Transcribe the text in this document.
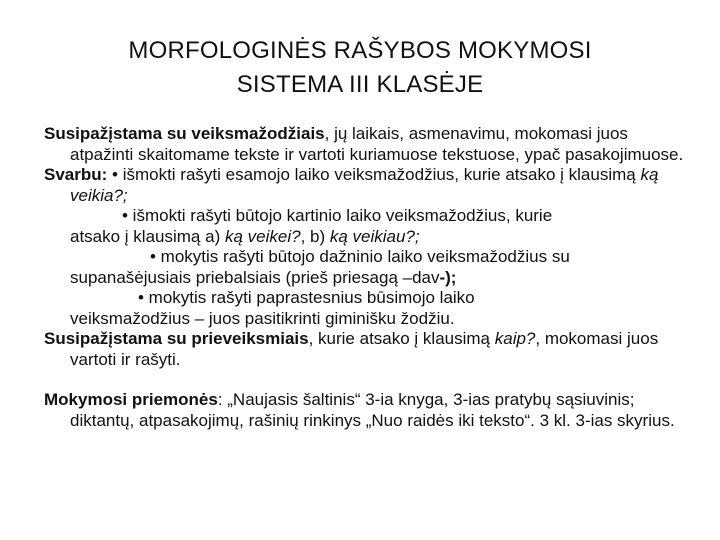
MORFOLOGINĖS RAŠYBOS MOKYMOSI
SISTEMA III KLASĖJE

Susipažįstama su veiksmažodžiais, jų laikais, asmenavimu, mokomasi juos atpažinti skaitomame tekste ir vartoti kuriamuose tekstuose, ypač pasakojimuose.

Svarbu: • išmokti rašyti esamojo laiko veiksmažodžius, kurie atsako į klausimą ką veikia?;

• išmokti rašyti būtojo kartinio laiko veiksmažodžius, kurie
atsako į klausimą a) ką veikei?, b) ką veikiau?;

• mokytis rašyti būtojo dažninio laiko veiksmažodžius su
supanašėjusiais priebalsiais (prieš priesagą –dav-);

• mokytis rašyti paprastesnius būsimojo laiko
veiksmažodžius – juos pasitikrinti giminišku žodžiu.

Susipažįstama su prieveiksmiais, kurie atsako į klausimą kaip?, mokomasi juos vartoti ir rašyti.

Mokymosi priemonės: „Naujasis šaltinis“ 3-ia knyga, 3-ias pratybų sąsiuvinis; diktantų, atpasakojimų, rašinių rinkinys „Nuo raidės iki teksto“. 3 kl. 3-ias skyrius.
